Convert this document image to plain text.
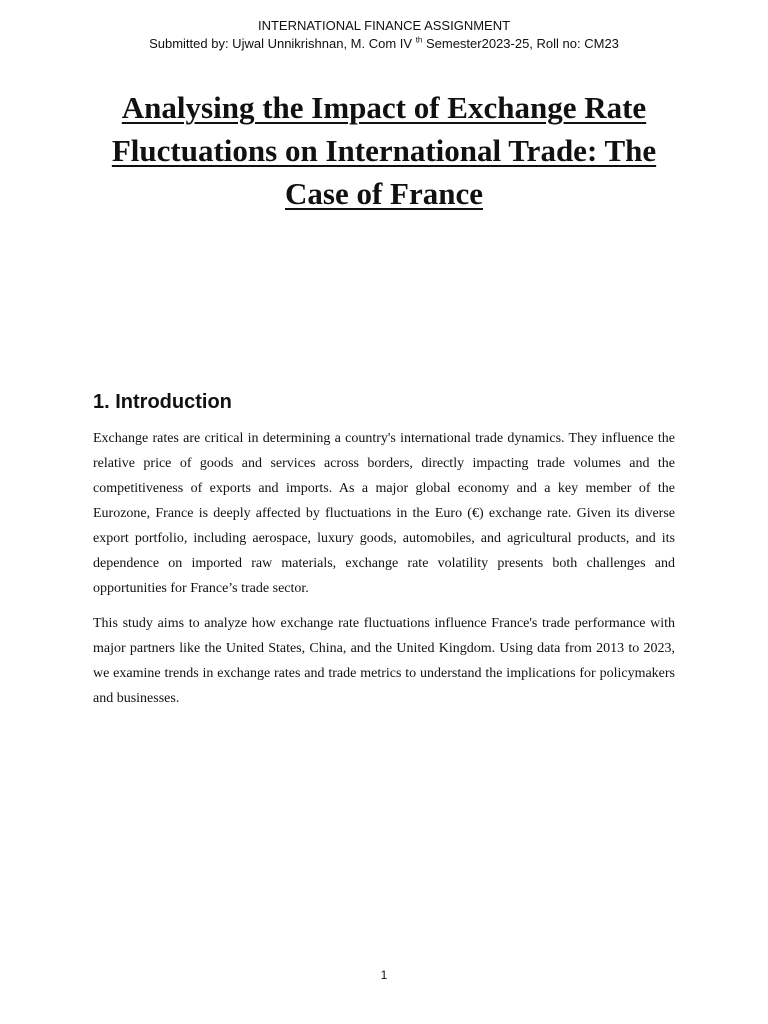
INTERNATIONAL FINANCE ASSIGNMENT
Submitted by: Ujwal Unnikrishnan, M. Com IV $^{th}$ Semester2023-25, Roll no: CM23
Analysing the Impact of Exchange Rate Fluctuations on International Trade: The Case of France
1. Introduction

Exchange rates are critical in determining a country's international trade dynamics. They influence the relative price of goods and services across borders, directly impacting trade volumes and the competitiveness of exports and imports. As a major global economy and a key member of the Eurozone, France is deeply affected by fluctuations in the Euro (€) exchange rate. Given its diverse export portfolio, including aerospace, luxury goods, automobiles, and agricultural products, and its dependence on imported raw materials, exchange rate volatility presents both challenges and opportunities for France’s trade sector.

This study aims to analyze how exchange rate fluctuations influence France's trade performance with major partners like the United States, China, and the United Kingdom. Using data from 2013 to 2023, we examine trends in exchange rates and trade metrics to understand the implications for policymakers and businesses.

1
